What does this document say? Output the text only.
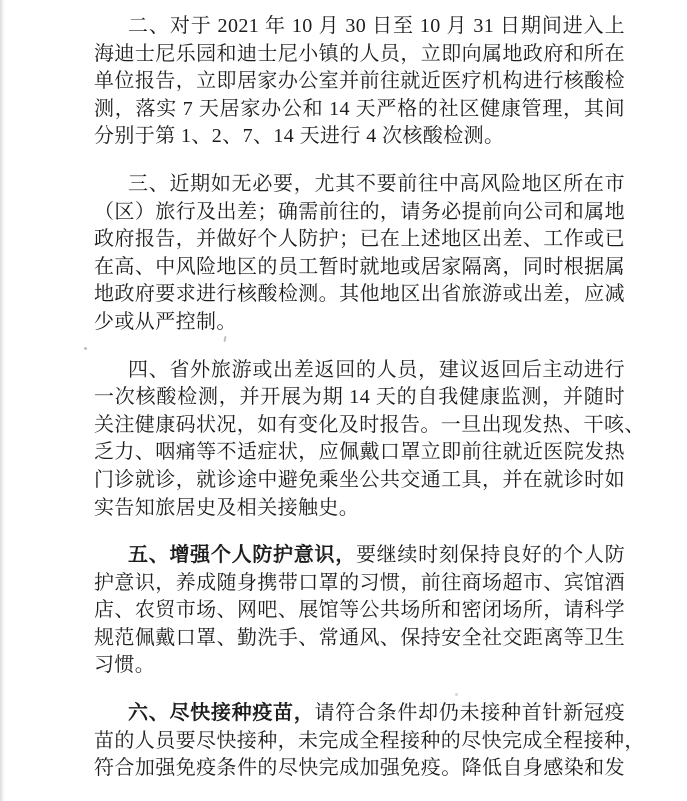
二、对于 2021 年 10 月 30 日至 10 月 31 日期间进入上
海迪士尼乐园和迪士尼小镇的人员，立即向属地政府和所在
单位报告，立即居家办公室并前往就近医疗机构进行核酸检
测，落实 7 天居家办公和 14 天严格的社区健康管理，其间
分别于第 1、2、7、14 天进行 4 次核酸检测。

三、近期如无必要，尤其不要前往中高风险地区所在市
（区）旅行及出差；确需前往的，请务必提前向公司和属地
政府报告，并做好个人防护；已在上述地区出差、工作或已
在高、中风险地区的员工暂时就地或居家隔离，同时根据属
地政府要求进行核酸检测。其他地区出省旅游或出差，应减
少或从严控制。

四、省外旅游或出差返回的人员，建议返回后主动进行
一次核酸检测，并开展为期 14 天的自我健康监测，并随时
关注健康码状况，如有变化及时报告。一旦出现发热、干咳、
乏力、咽痛等不适症状，应佩戴口罩立即前往就近医院发热
门诊就诊，就诊途中避免乘坐公共交通工具，并在就诊时如
实告知旅居史及相关接触史。

五、增强个人防护意识，要继续时刻保持良好的个人防
护意识，养成随身携带口罩的习惯，前往商场超市、宾馆酒
店、农贸市场、网吧、展馆等公共场所和密闭场所，请科学
规范佩戴口罩、勤洗手、常通风、保持安全社交距离等卫生
习惯。

六、尽快接种疫苗，请符合条件却仍未接种首针新冠疫
苗的人员要尽快接种，未完成全程接种的尽快完成全程接种，
符合加强免疫条件的尽快完成加强免疫。降低自身感染和发
